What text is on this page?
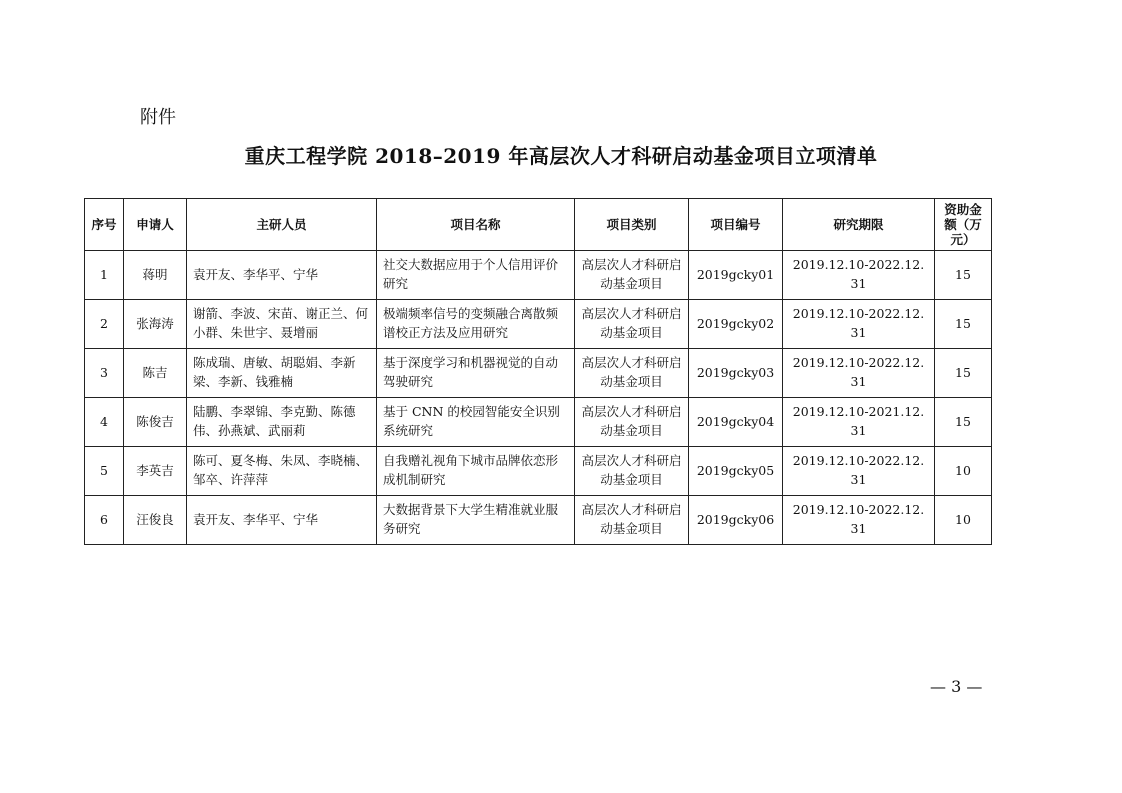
附件
重庆工程学院 2018–2019 年高层次人才科研启动基金项目立项清单
序号	申请人	主研人员	项目名称	项目类别	项目编号	研究期限	资助金额（万元）
1	蒋明	袁开友、李华平、宁华	社交大数据应用于个人信用评价研究	高层次人才科研启动基金项目	2019gcky01	2019.12.10-2022.12.31	15
2	张海涛	谢箭、李波、宋苗、谢正兰、何小群、朱世宇、聂增丽	极端频率信号的变频融合离散频谱校正方法及应用研究	高层次人才科研启动基金项目	2019gcky02	2019.12.10-2022.12.31	15
3	陈吉	陈成瑞、唐敏、胡聪娟、李新梁、李新、钱雅楠	基于深度学习和机器视觉的自动驾驶研究	高层次人才科研启动基金项目	2019gcky03	2019.12.10-2022.12.31	15
4	陈俊吉	陆鹏、李翠锦、李克勤、陈德伟、孙燕斌、武丽莉	基于 CNN 的校园智能安全识别系统研究	高层次人才科研启动基金项目	2019gcky04	2019.12.10-2021.12.31	15
5	李英吉	陈可、夏冬梅、朱凤、李晓楠、邹卒、许萍萍	自我赠礼视角下城市品牌依恋形成机制研究	高层次人才科研启动基金项目	2019gcky05	2019.12.10-2022.12.31	10
6	汪俊良	袁开友、李华平、宁华	大数据背景下大学生精准就业服务研究	高层次人才科研启动基金项目	2019gcky06	2019.12.10-2022.12.31	10
— 3 —
